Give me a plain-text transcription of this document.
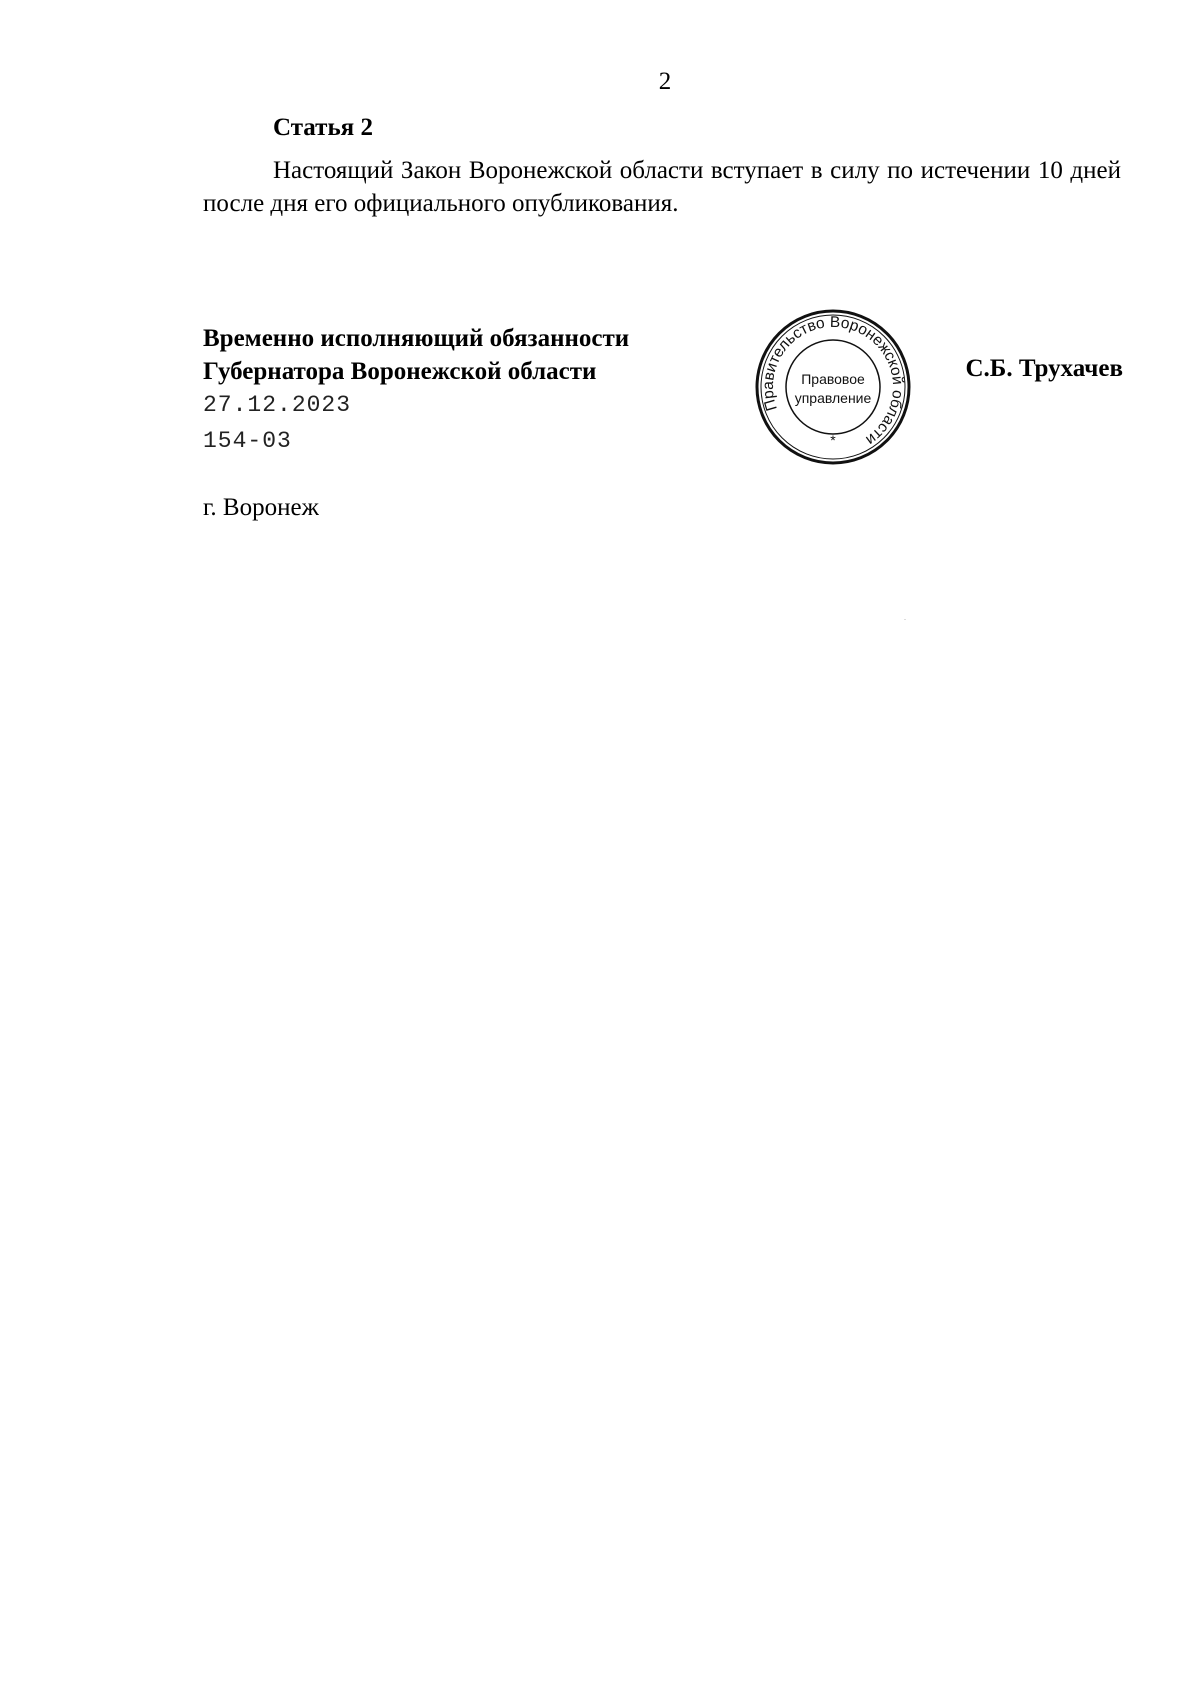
2
Статья 2

Настоящий Закон Воронежской области вступает в силу по истечении 10 дней после дня его официального опубликования.

Временно исполняющий обязанности
Губернатора Воронежской области
Правительство Воронежской области
Правовое
управление
*
С.Б. Трухачев
27.12.2023
154-03
г. Воронеж
